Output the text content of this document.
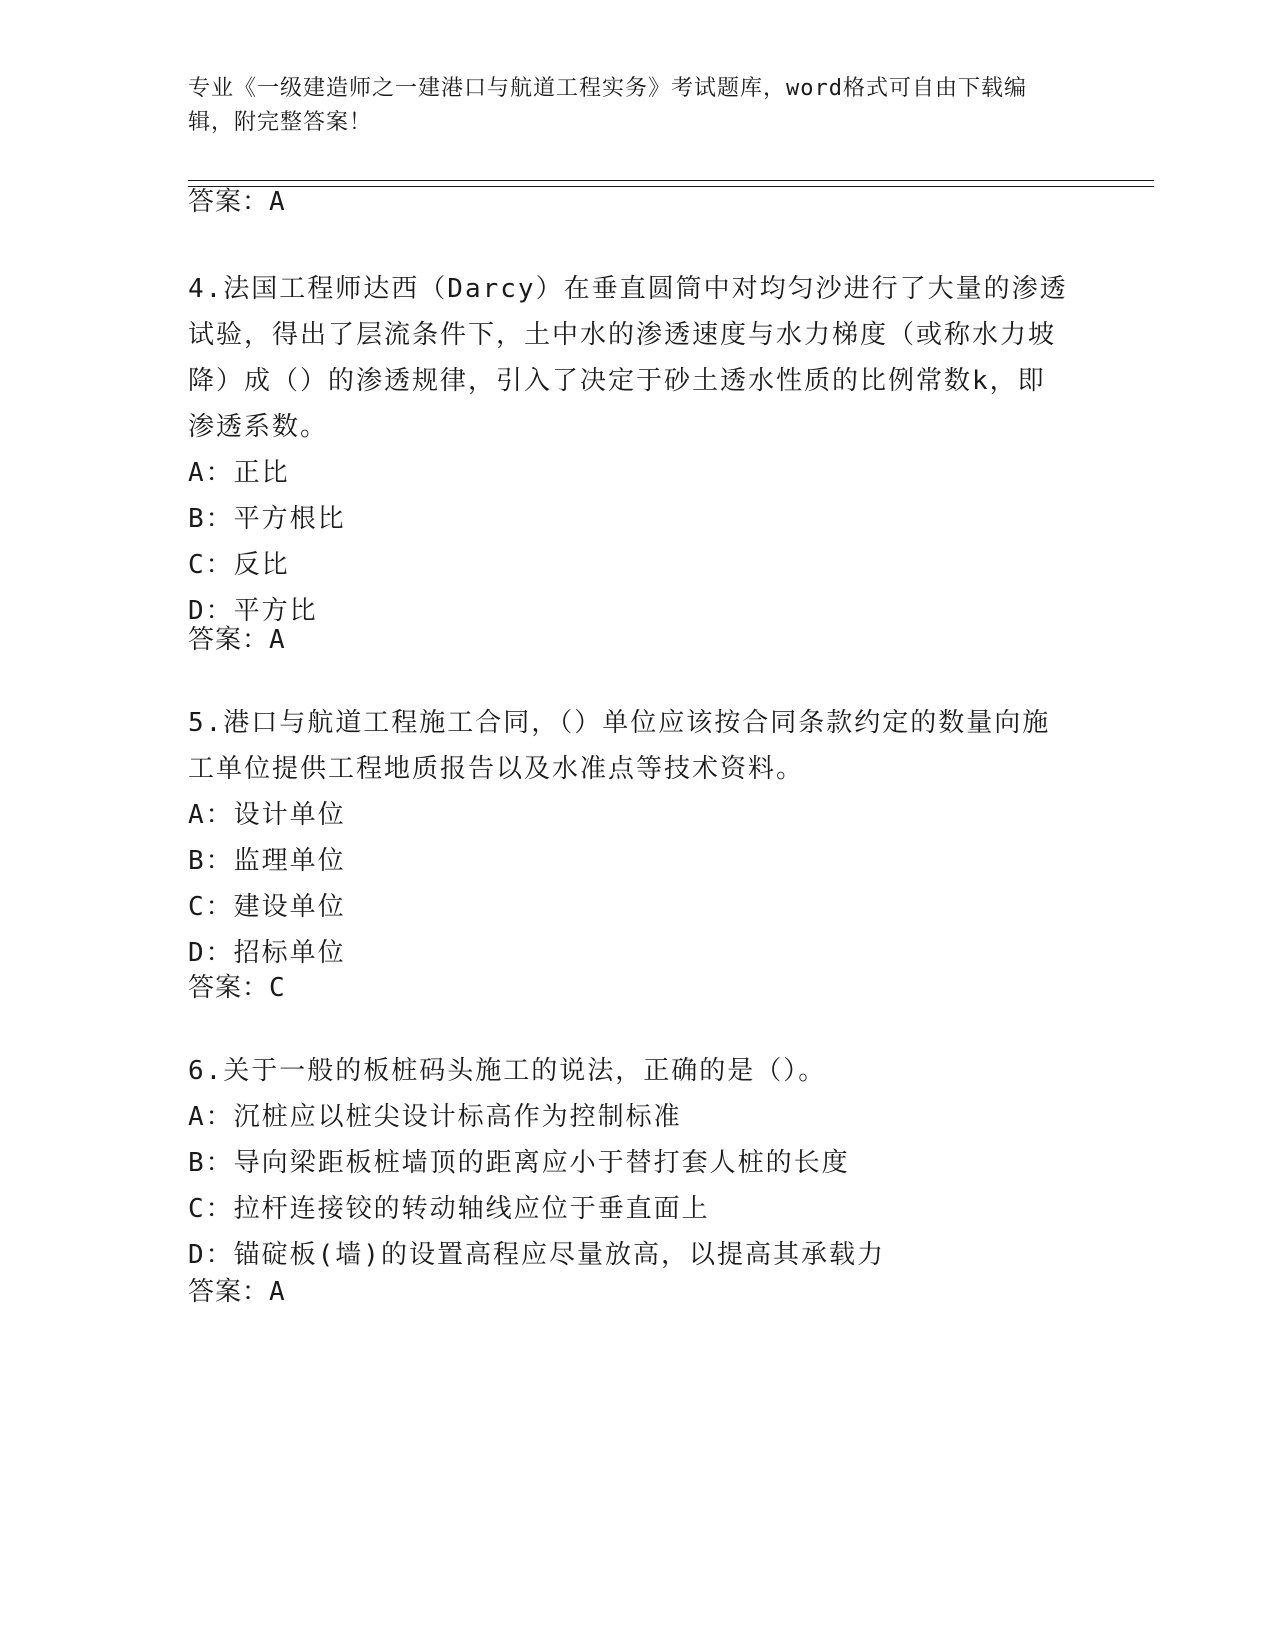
专业《一级建造师之一建港口与航道工程实务》考试题库，word格式可自由下载编辑，附完整答案！
答案：A

4.法国工程师达西（Darcy）在垂直圆筒中对均匀沙进行了大量的渗透试验，得出了层流条件下，土中水的渗透速度与水力梯度（或称水力坡降）成（）的渗透规律，引入了决定于砂土透水性质的比例常数k，即渗透系数。

A：正比

B：平方根比

C：反比

D：平方比

答案：A

5.港口与航道工程施工合同，（）单位应该按合同条款约定的数量向施工单位提供工程地质报告以及水准点等技术资料。

A：设计单位

B：监理单位

C：建设单位

D：招标单位

答案：C

6.关于一般的板桩码头施工的说法，正确的是（）。

A：沉桩应以桩尖设计标高作为控制标准

B：导向梁距板桩墙顶的距离应小于替打套人桩的长度

C：拉杆连接铰的转动轴线应位于垂直面上

D：锚碇板(墙)的设置高程应尽量放高，以提高其承载力

答案：A
